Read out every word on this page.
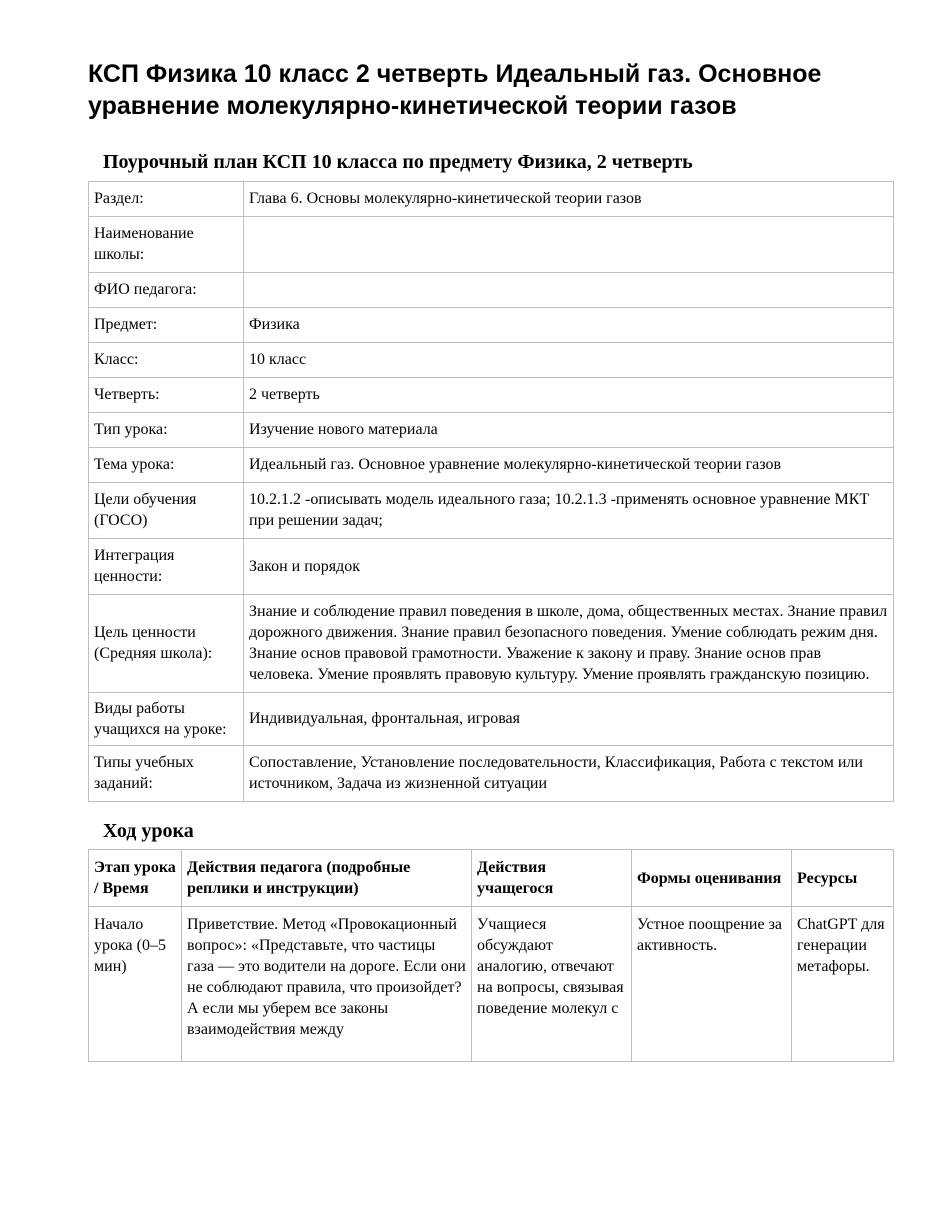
КСП Физика 10 класс 2 четверть Идеальный газ. Основное уравнение молекулярно-кинетической теории газов
Поурочный план КСП 10 класса по предмету Физика, 2 четверть
Раздел:	Глава 6. Основы молекулярно-кинетической теории газов
Наименование школы:	
ФИО педагога:	
Предмет:	Физика
Класс:	10 класс
Четверть:	2 четверть
Тип урока:	Изучение нового материала
Тема урока:	Идеальный газ. Основное уравнение молекулярно-кинетической теории газов
Цели обучения (ГОСО)	10.2.1.2 -описывать модель идеального газа; 10.2.1.3 -применять основное уравнение МКТ при решении задач;
Интеграция ценности:	Закон и порядок
Цель ценности (Средняя школа):	Знание и соблюдение правил поведения в школе, дома, общественных местах. Знание правил дорожного движения. Знание правил безопасного поведения. Умение соблюдать режим дня. Знание основ правовой грамотности. Уважение к закону и праву. Знание основ прав человека. Умение проявлять правовую культуру. Умение проявлять гражданскую позицию.
Виды работы учащихся на уроке:	Индивидуальная, фронтальная, игровая
Типы учебных заданий:	Сопоставление, Установление последовательности, Классификация, Работа с текстом или источником, Задача из жизненной ситуации
Ход урока
Этап урока / Время	Действия педагога (подробные реплики и инструкции)	Действия учащегося	Формы оценивания	Ресурсы
Начало урока (0–5 мин)	Приветствие. Метод «Провокационный вопрос»: «Представьте, что частицы газа — это водители на дороге. Если они не соблюдают правила, что произойдет? А если мы уберем все законы взаимодействия между	Учащиеся обсуждают аналогию, отвечают на вопросы, связывая поведение молекул с	Устное поощрение за активность.	ChatGPT для генерации метафоры.
